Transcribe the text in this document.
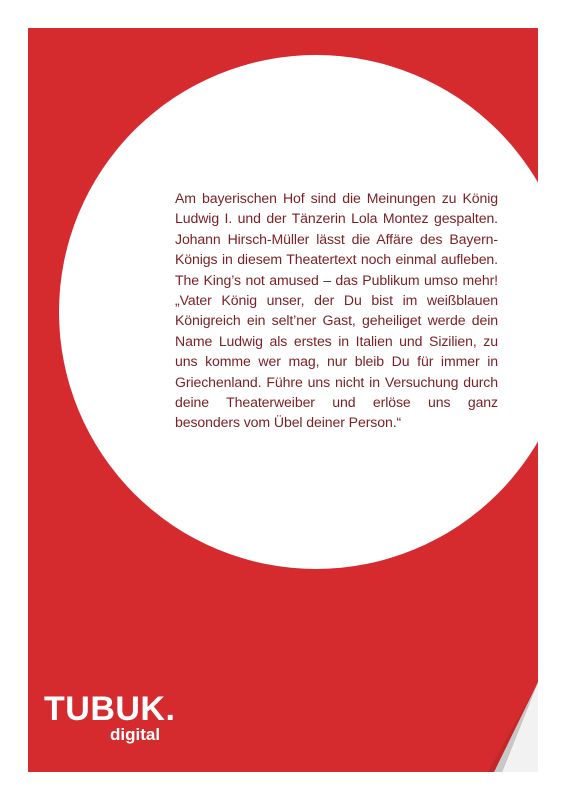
Am bayerischen Hof sind die Meinungen zu König Ludwig I. und der Tänzerin Lola Montez gespalten. Johann Hirsch-Müller lässt die Affäre des Bayern-Königs in diesem Theatertext noch einmal aufleben. The King’s not amused – das Publikum umso mehr! „Vater König unser, der Du bist im weißblauen Königreich ein selt’ner Gast, geheiliget werde dein Name Ludwig als erstes in Italien und Sizilien, zu uns komme wer mag, nur bleib Du für immer in Griechenland. Führe uns nicht in Versuchung durch deine Theaterweiber und erlöse uns ganz besonders vom Übel deiner Person.“

TUBUK.
digital
